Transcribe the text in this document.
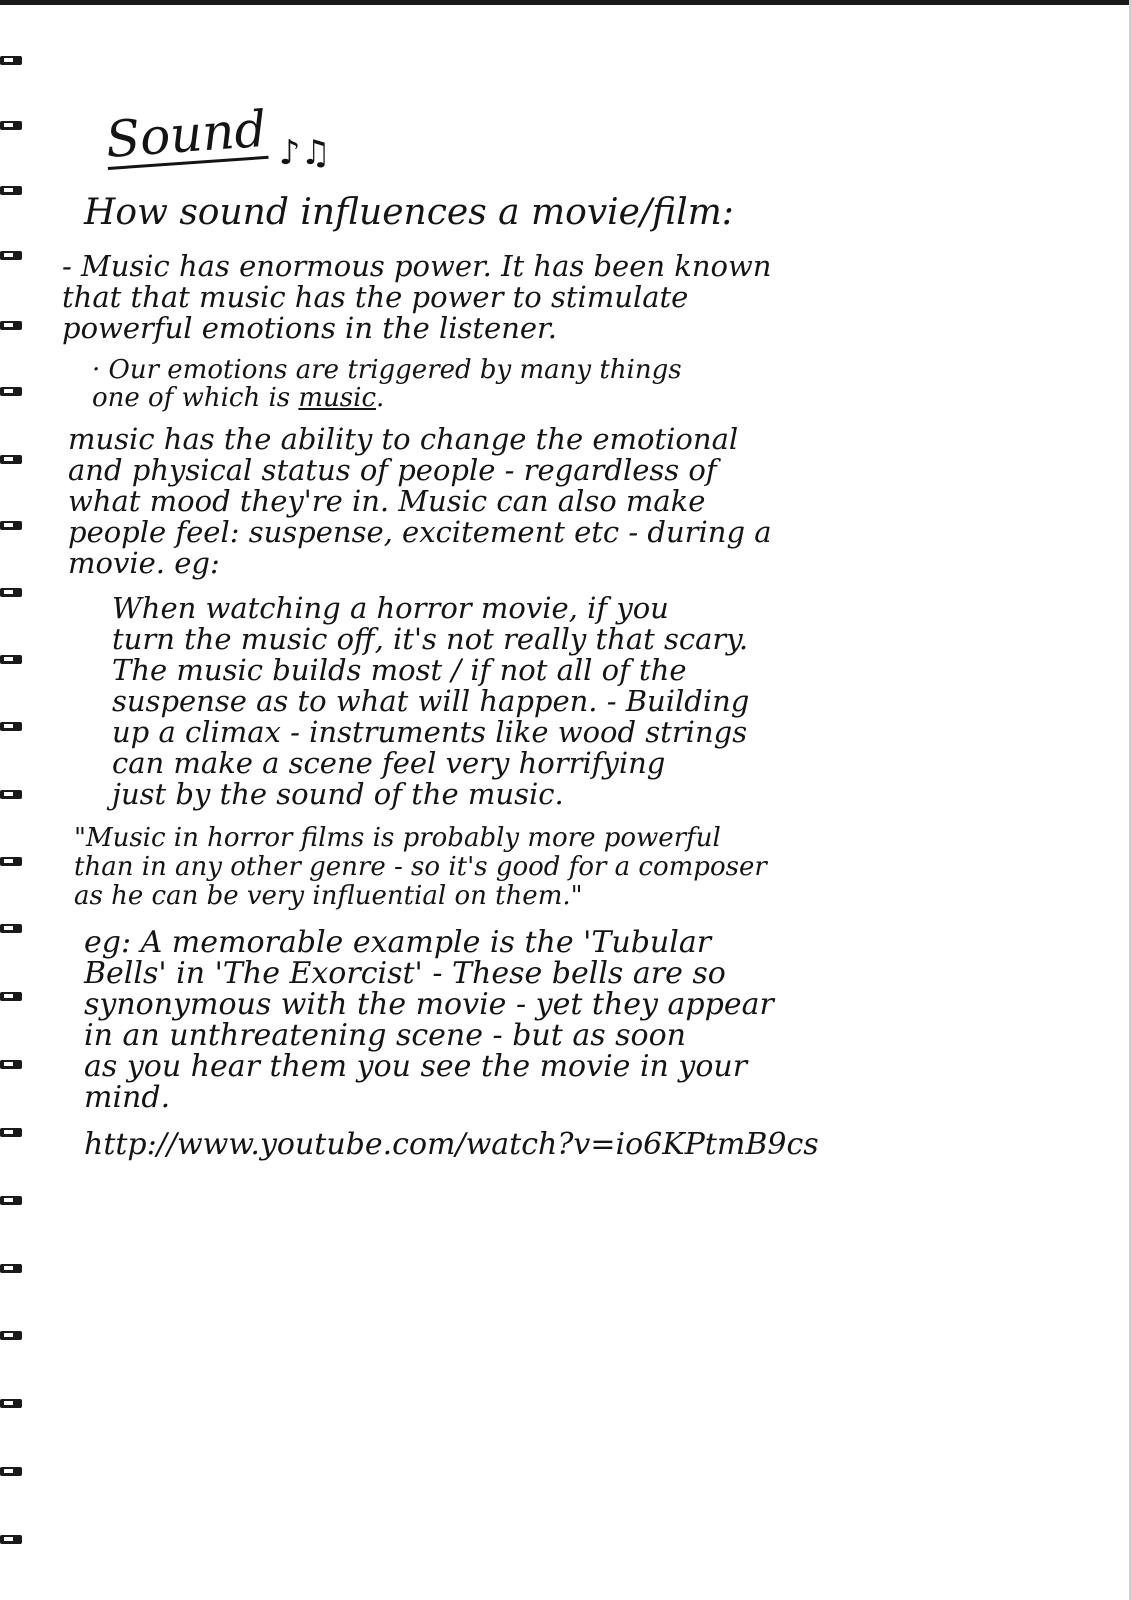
Sound ♪♫
How sound influences a movie/film:
- Music has enormous power. It has been known
that that music has the power to stimulate
powerful emotions in the listener.
· Our emotions are triggered by many things
one of which is music.
music has the ability to change the emotional
and physical status of people - regardless of
what mood they're in. Music can also make
people feel: suspense, excitement etc - during a
movie. eg:
When watching a horror movie, if you
turn the music off, it's not really that scary.
The music builds most / if not all of the
suspense as to what will happen. - Building
up a climax - instruments like wood strings
can make a scene feel very horrifying
just by the sound of the music.
"Music in horror films is probably more powerful
than in any other genre - so it's good for a composer
as he can be very influential on them."
eg: A memorable example is the 'Tubular
Bells' in 'The Exorcist' - These bells are so
synonymous with the movie - yet they appear
in an unthreatening scene - but as soon
as you hear them you see the movie in your
mind.
http://www.youtube.com/watch?v=io6KPtmB9cs
